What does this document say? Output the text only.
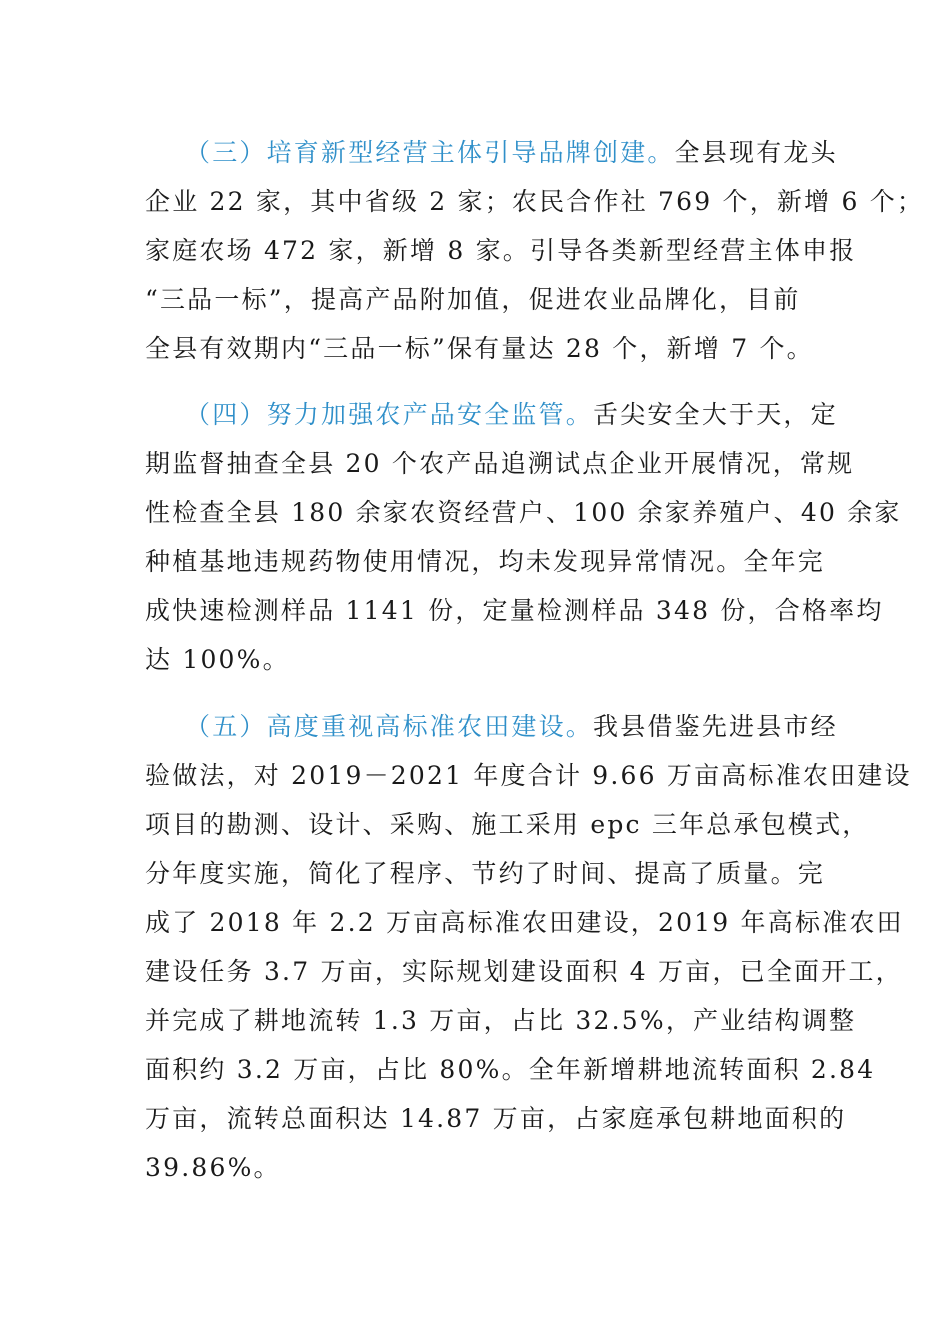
（三）培育新型经营主体引导品牌创建。全县现有龙头
企业 22 家，其中省级 2 家；农民合作社 769 个，新增 6 个；
家庭农场 472 家，新增 8 家。引导各类新型经营主体申报
“三品一标”，提高产品附加值，促进农业品牌化，目前
全县有效期内“三品一标”保有量达 28 个，新增 7 个。
（四）努力加强农产品安全监管。舌尖安全大于天，定
期监督抽查全县 20 个农产品追溯试点企业开展情况，常规
性检查全县 180 余家农资经营户、100 余家养殖户、40 余家
种植基地违规药物使用情况，均未发现异常情况。全年完
成快速检测样品 1141 份，定量检测样品 348 份，合格率均
达 100%。
（五）高度重视高标准农田建设。我县借鉴先进县市经
验做法，对 2019－2021 年度合计 9.66 万亩高标准农田建设
项目的勘测、设计、采购、施工采用 epc 三年总承包模式，
分年度实施，简化了程序、节约了时间、提高了质量。完
成了 2018 年 2.2 万亩高标准农田建设，2019 年高标准农田
建设任务 3.7 万亩，实际规划建设面积 4 万亩，已全面开工，
并完成了耕地流转 1.3 万亩，占比 32.5%，产业结构调整
面积约 3.2 万亩，占比 80%。全年新增耕地流转面积 2.84
万亩，流转总面积达 14.87 万亩，占家庭承包耕地面积的
39.86%。
